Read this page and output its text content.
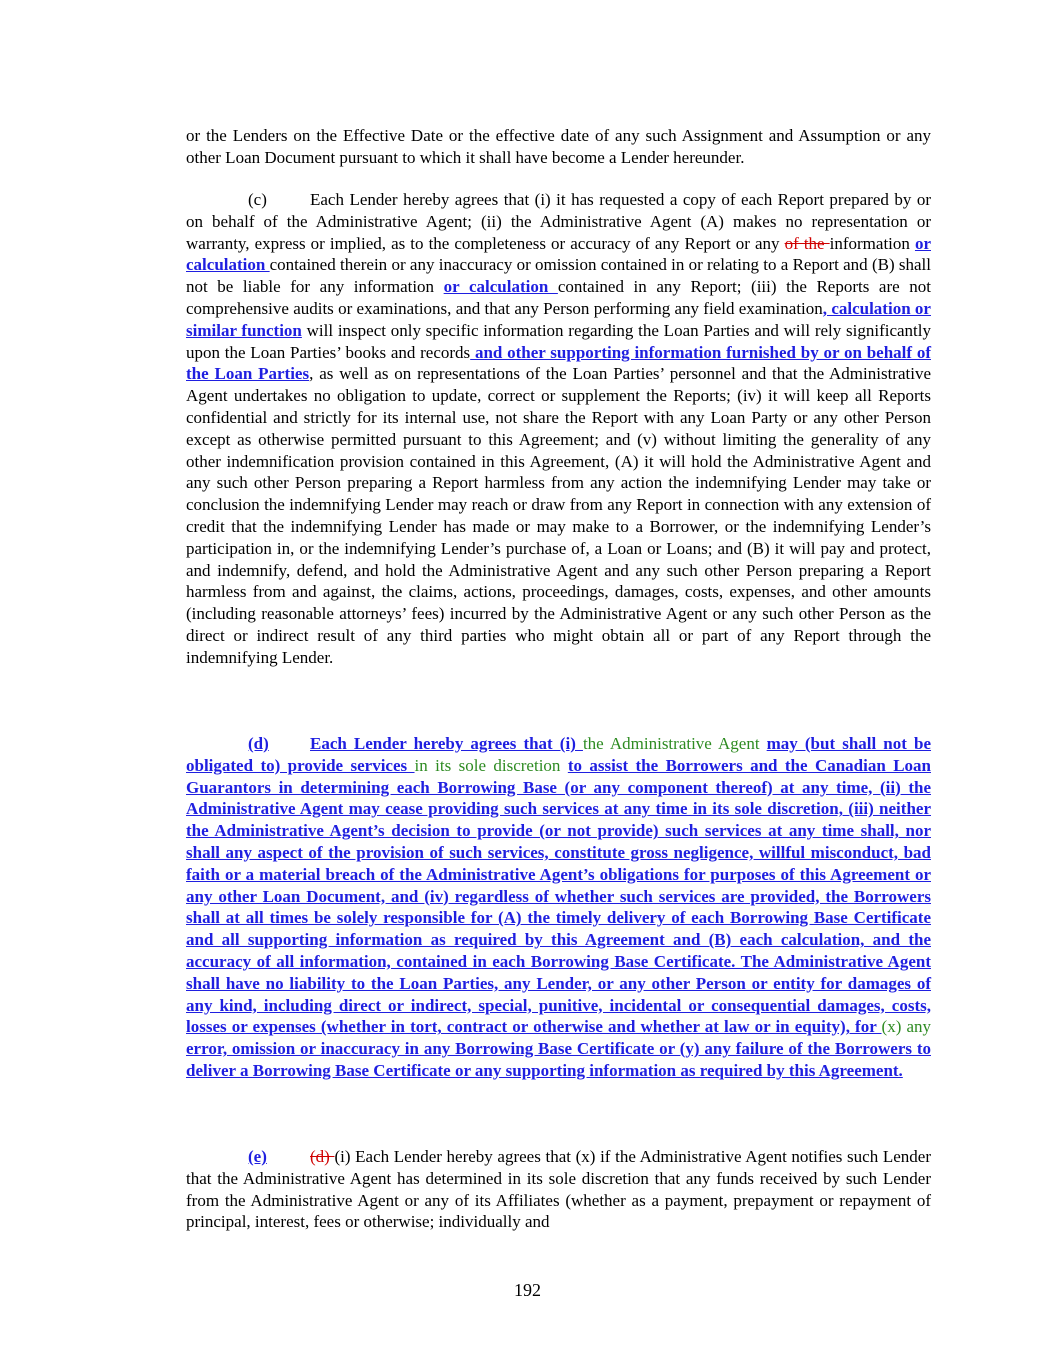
or the Lenders on the Effective Date or the effective date of any such Assignment and Assumption or any other Loan Document pursuant to which it shall have become a Lender hereunder.

(c)	Each Lender hereby agrees that (i) it has requested a copy of each Report prepared by or on behalf of the Administrative Agent; (ii) the Administrative Agent (A) makes no representation or warranty, express or implied, as to the completeness or accuracy of any Report or any of the information or calculation contained therein or any inaccuracy or omission contained in or relating to a Report and (B) shall not be liable for any information or calculation contained in any Report; (iii) the Reports are not comprehensive audits or examinations, and that any Person performing any field examination, calculation or similar function will inspect only specific information regarding the Loan Parties and will rely significantly upon the Loan Parties’ books and records and other supporting information furnished by or on behalf of the Loan Parties, as well as on representations of the Loan Parties’ personnel and that the Administrative Agent undertakes no obligation to update, correct or supplement the Reports; (iv) it will keep all Reports confidential and strictly for its internal use, not share the Report with any Loan Party or any other Person except as otherwise permitted pursuant to this Agreement; and (v) without limiting the generality of any other indemnification provision contained in this Agreement, (A) it will hold the Administrative Agent and any such other Person preparing a Report harmless from any action the indemnifying Lender may take or conclusion the indemnifying Lender may reach or draw from any Report in connection with any extension of credit that the indemnifying Lender has made or may make to a Borrower, or the indemnifying Lender’s participation in, or the indemnifying Lender’s purchase of, a Loan or Loans; and (B) it will pay and protect, and indemnify, defend, and hold the Administrative Agent and any such other Person preparing a Report harmless from and against, the claims, actions, proceedings, damages, costs, expenses, and other amounts (including reasonable attorneys’ fees) incurred by the Administrative Agent or any such other Person as the direct or indirect result of any third parties who might obtain all or part of any Report through the indemnifying Lender.

(d) Each Lender hereby agrees that (i) the Administrative Agent may (but shall not be obligated to) provide services in its sole discretion to assist the Borrowers and the Canadian Loan Guarantors in determining each Borrowing Base (or any component thereof) at any time, (ii) the Administrative Agent may cease providing such services at any time in its sole discretion, (iii) neither the Administrative Agent’s decision to provide (or not provide) such services at any time shall, nor shall any aspect of the provision of such services, constitute gross negligence, willful misconduct, bad faith or a material breach of the Administrative Agent’s obligations for purposes of this Agreement or any other Loan Document, and (iv) regardless of whether such services are provided, the Borrowers shall at all times be solely responsible for (A) the timely delivery of each Borrowing Base Certificate and all supporting information as required by this Agreement and (B) each calculation, and the accuracy of all information, contained in each Borrowing Base Certificate. The Administrative Agent shall have no liability to the Loan Parties, any Lender, or any other Person or entity for damages of any kind, including direct or indirect, special, punitive, incidental or consequential damages, costs, losses or expenses (whether in tort, contract or otherwise and whether at law or in equity), for (x) any error, omission or inaccuracy in any Borrowing Base Certificate or (y) any failure of the Borrowers to deliver a Borrowing Base Certificate or any supporting information as required by this Agreement.

(e)	(d) (i) Each Lender hereby agrees that (x) if the Administrative Agent notifies such Lender that the Administrative Agent has determined in its sole discretion that any funds received by such Lender from the Administrative Agent or any of its Affiliates (whether as a payment, prepayment or repayment of principal, interest, fees or otherwise; individually and

192
